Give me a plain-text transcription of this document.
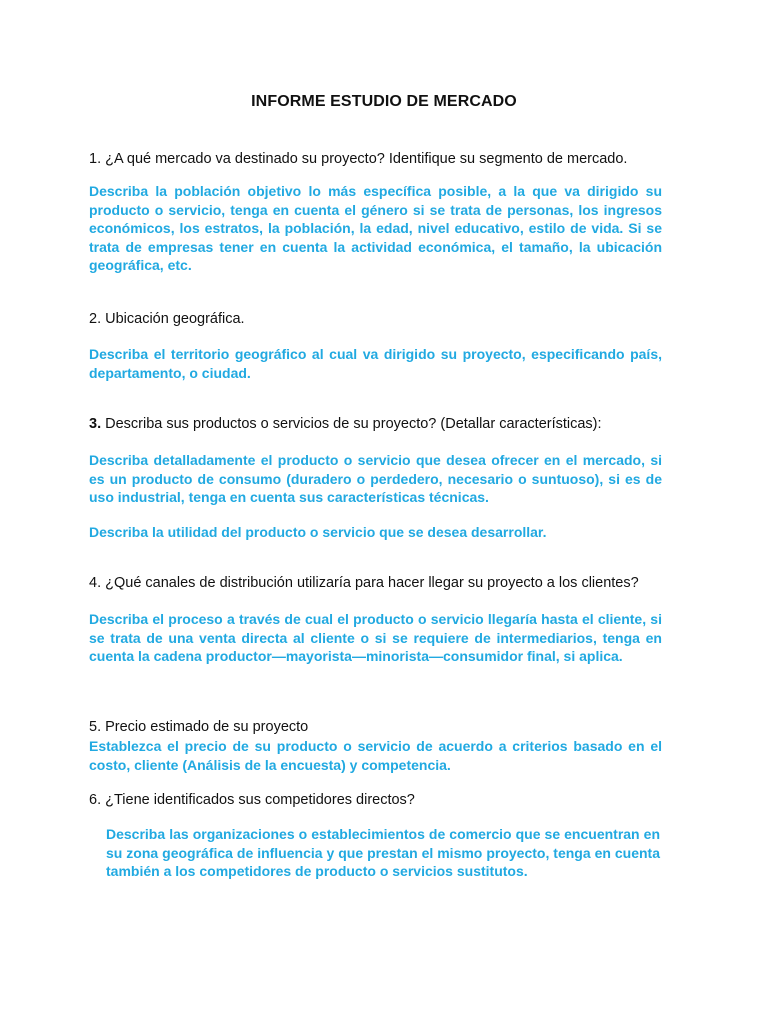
INFORME ESTUDIO DE MERCADO
1. ¿A qué mercado va destinado su proyecto? Identifique su segmento de mercado.
Describa la población objetivo lo más específica posible, a la que va dirigido su producto o servicio, tenga en cuenta el género si se trata de personas, los ingresos económicos, los estratos, la población, la edad, nivel educativo, estilo de vida. Si se trata de empresas tener en cuenta la actividad económica, el tamaño, la ubicación geográfica, etc.
2. Ubicación geográfica.
Describa el territorio geográfico al cual va dirigido su proyecto, especificando país, departamento, o ciudad.
3. Describa sus productos o servicios de su proyecto? (Detallar características):
Describa detalladamente el producto o servicio que desea ofrecer en el mercado, si es un producto de consumo (duradero o perdedero, necesario o suntuoso), si es de uso industrial, tenga en cuenta sus características técnicas.
Describa la utilidad del producto o servicio que se desea desarrollar.
4. ¿Qué canales de distribución utilizaría para hacer llegar su proyecto a los clientes?
Describa el proceso a través de cual el producto o servicio llegaría hasta el cliente, si se trata de una venta directa al cliente o si se requiere de intermediarios, tenga en cuenta la cadena productor—mayorista—minorista—consumidor final, si aplica.
5. Precio estimado de su proyecto
Establezca el precio de su producto o servicio de acuerdo a criterios basado en el costo, cliente (Análisis de la encuesta) y competencia.
6. ¿Tiene identificados sus competidores directos?
Describa las organizaciones o establecimientos de comercio que se encuentran en su zona geográfica de influencia y que prestan el mismo proyecto, tenga en cuenta también a los competidores de producto o servicios sustitutos.
